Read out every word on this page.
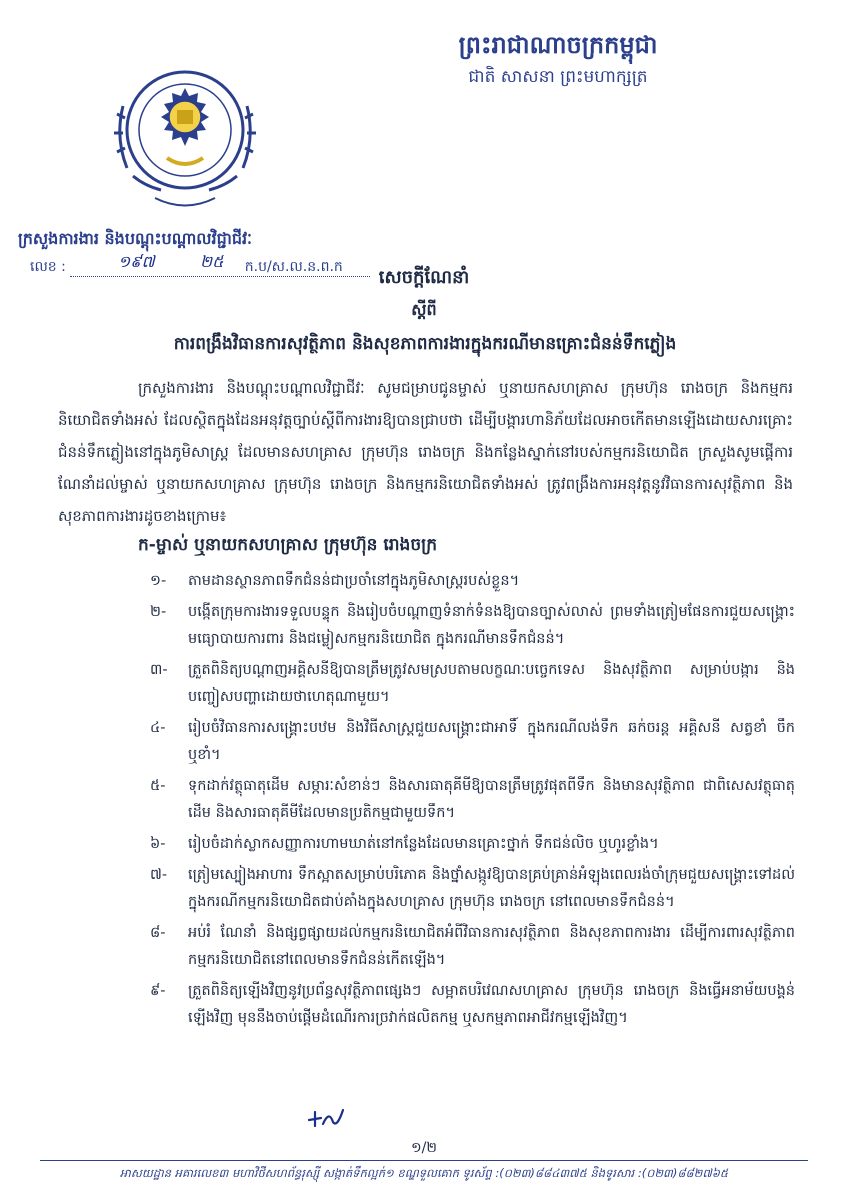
ព្រះរាជាណាចក្រកម្ពុជា
ជាតិ សាសនា ព្រះមហាក្សត្រ
ក្រសួងការងារ និងបណ្តុះបណ្តាលវិជ្ជាជីវៈ
លេខ :	ក.ប/ស.ល.ន.ព.ក
១៩៧	២៥
សេចក្តីណែនាំ
ស្តីពី
ការពង្រឹងវិធានការសុវត្ថិភាព និងសុខភាពការងារក្នុងករណីមានគ្រោះជំនន់ទឹកភ្លៀង
ក្រសួងការងារ និងបណ្តុះបណ្តាលវិជ្ជាជីវៈ សូមជម្រាបជូនម្ចាស់ ឬនាយកសហគ្រាស ក្រុមហ៊ុន រោងចក្រ និងកម្មករនិយោជិតទាំងអស់ ដែលស្ថិតក្នុងដែនអនុវត្តច្បាប់ស្តីពីការងារឱ្យបានជ្រាបថា ដើម្បីបង្ការហានិភ័យដែលអាចកើតមានឡើងដោយសារគ្រោះជំនន់ទឹកភ្លៀងនៅក្នុងភូមិសាស្ត្រ ដែលមានសហគ្រាស ក្រុមហ៊ុន រោងចក្រ និងកន្លែងស្នាក់នៅរបស់កម្មករនិយោជិត ក្រសួងសូមផ្តើការណែនាំដល់ម្ចាស់ ឬនាយកសហគ្រាស ក្រុមហ៊ុន រោងចក្រ និងកម្មករនិយោជិតទាំងអស់ ត្រូវពង្រឹងការអនុវត្តនូវវិធានការសុវត្ថិភាព និងសុខភាពការងារដូចខាងក្រោម៖
ក-ម្ចាស់ ឬនាយកសហគ្រាស ក្រុមហ៊ុន រោងចក្រ
១-	តាមដានស្ថានភាពទឹកជំនន់ជាប្រចាំនៅក្នុងភូមិសាស្ត្ររបស់ខ្លួន។
២-	បង្កើតក្រុមការងារទទួលបន្ទុក និងរៀបចំបណ្តាញទំនាក់ទំនងឱ្យបានច្បាស់លាស់ ព្រមទាំងត្រៀមផែនការជួយសង្គ្រោះ មធ្យោបាយការពារ និងជម្លៀសកម្មករនិយោជិត ក្នុងករណីមានទឹកជំនន់។
៣-	ត្រួតពិនិត្យបណ្តាញអគ្គិសនីឱ្យបានត្រឹមត្រូវសមស្របតាមលក្ខណៈបច្ចេកទេស និងសុវត្ថិភាព សម្រាប់បង្ការ និងបញ្ចៀសបញ្ហាដោយថាហេតុណាមួយ។
៤-	រៀបចំវិធានការសង្គ្រោះបឋម និងវិធីសាស្ត្រជួយសង្គ្រោះជាអាទិ៍ ក្នុងករណីលង់ទឹក ឆក់ចរន្ត អគ្គិសនី សត្វខាំ ចឹក ឬខាំ។
៥-	ទុកដាក់វត្ថុធាតុដើម សម្ភារៈសំខាន់ៗ និងសារធាតុគីមីឱ្យបានត្រឹមត្រូវផុតពីទឹក និងមានសុវត្ថិភាព ជាពិសេសវត្ថុធាតុដើម និងសារធាតុគីមីដែលមានប្រតិកម្មជាមួយទឹក។
៦-	រៀបចំដាក់ស្លាកសញ្ញាការហាមឃាត់នៅកន្លែងដែលមានគ្រោះថ្នាក់ ទឹកជន់លិច ឬហូរខ្លាំង។
៧-	ត្រៀមស្បៀងអាហារ ទឹកស្អាតសម្រាប់បរិភោគ និងថ្នាំសង្កូវឱ្យបានគ្រប់គ្រាន់អំឡុងពេលរង់ចាំក្រុមជួយសង្គ្រោះទៅដល់ ក្នុងករណីកម្មករនិយោជិតជាប់គាំងក្នុងសហគ្រាស ក្រុមហ៊ុន រោងចក្រ នៅពេលមានទឹកជំនន់។
៨-	អប់រំ ណែនាំ និងផ្សព្វផ្សាយដល់កម្មករនិយោជិតអំពីវិធានការសុវត្ថិភាព និងសុខភាពការងារ ដើម្បីការពារសុវត្ថិភាពកម្មករនិយោជិតនៅពេលមានទឹកជំនន់កើតឡើង។
៩-	ត្រួតពិនិត្យឡើងវិញនូវប្រព័ន្ធសុវត្ថិភាពផ្សេងៗ សម្អាតបរិវេណសហគ្រាស ក្រុមហ៊ុន រោងចក្រ និងធ្វើអនាម័យបង្គន់ឡើងវិញ មុននឹងចាប់ផ្តើមដំណើរការច្រវាក់ផលិតកម្ម ឬសកម្មភាពអាជីវកម្មឡើងវិញ។
១/២
អាសយដ្ឋាន អគារលេខ៣ មហាវិថីសហព័ន្ធរុស្ស៊ី សង្កាត់ទឹកល្អក់១ ខណ្ឌទួលគោក ទូរស័ព្ទ :(០២៣)៨៨៤៣៧៥ និងទូរសារ :(០២៣)៨៨២៧៦៥
